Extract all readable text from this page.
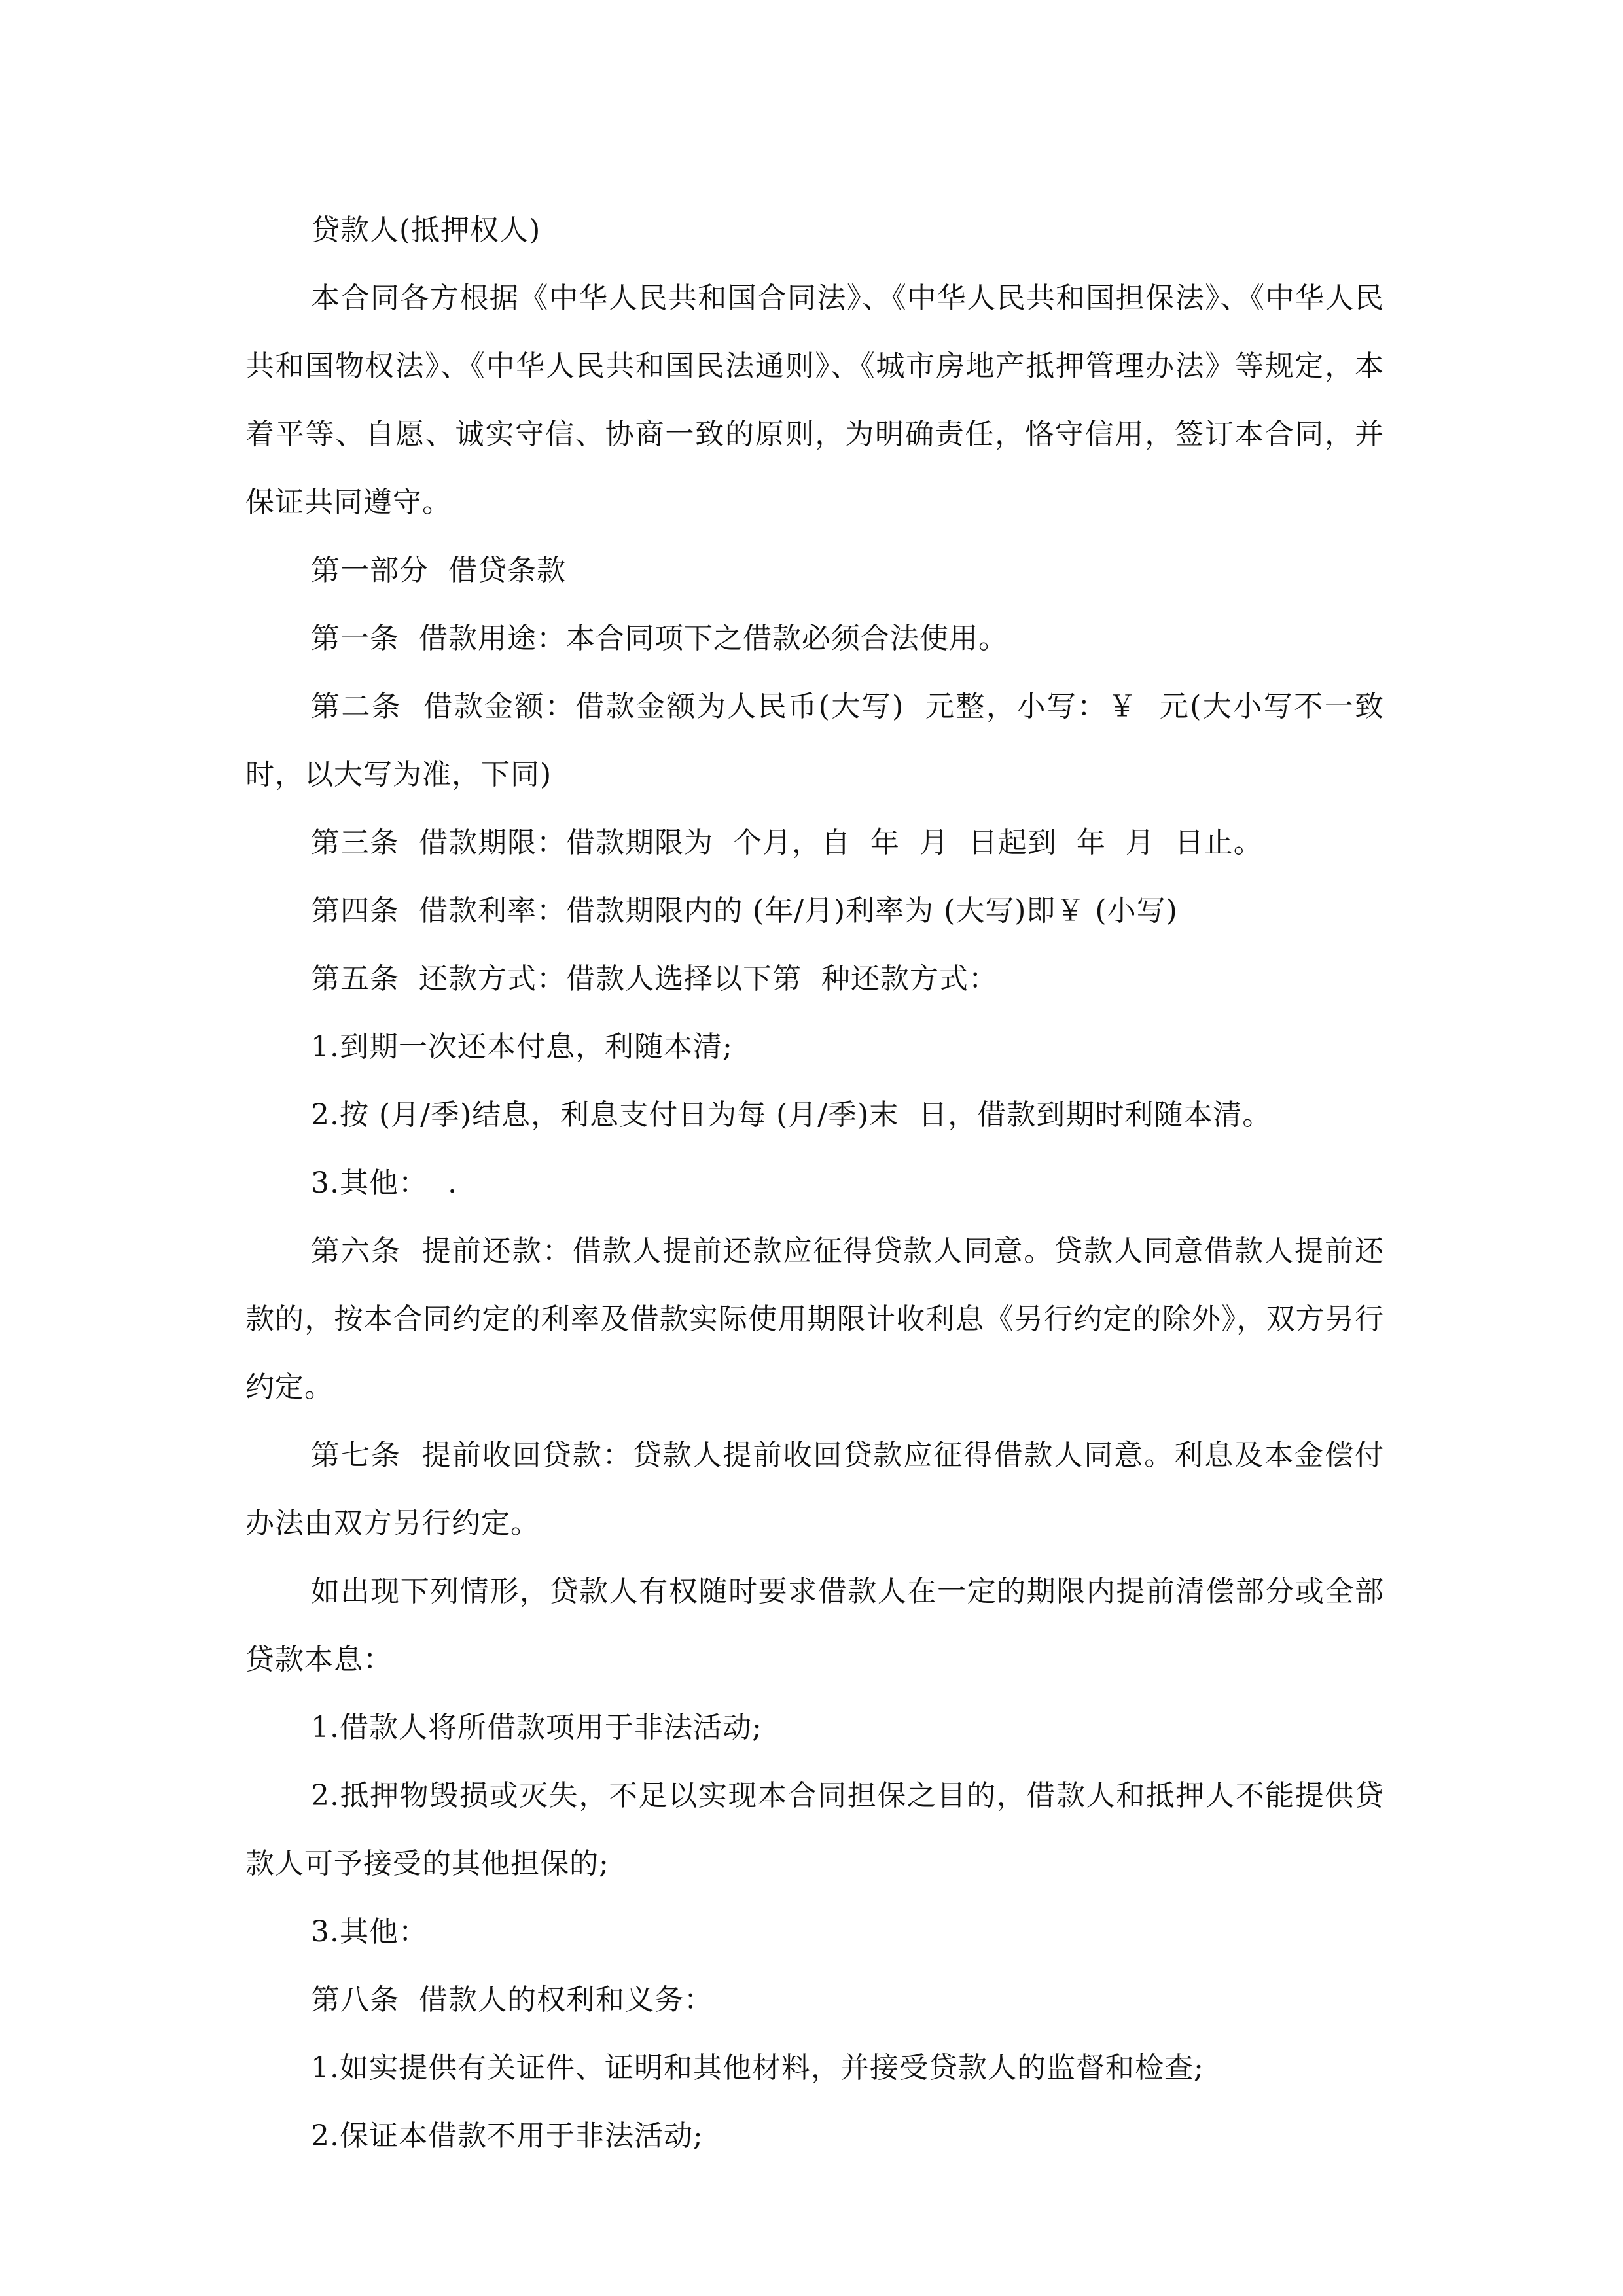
贷款人(抵押权人)

本合同各方根据《中华人民共和国合同法》、《中华人民共和国担保法》、《中华人民共和国物权法》、《中华人民共和国民法通则》、《城市房地产抵押管理办法》等规定，本着平等、自愿、诚实守信、协商一致的原则，为明确责任，恪守信用，签订本合同，并保证共同遵守。

第一部分  借贷条款

第一条  借款用途：本合同项下之借款必须合法使用。

第二条  借款金额：借款金额为人民币(大写)  元整，小写：￥  元(大小写不一致时，以大写为准，下同)

第三条  借款期限：借款期限为  个月，自  年  月  日起到  年  月  日止。

第四条  借款利率：借款期限内的 (年/月)利率为 (大写)即￥ (小写)

第五条  还款方式：借款人选择以下第  种还款方式：

1.到期一次还本付息，利随本清;

2.按 (月/季)结息，利息支付日为每 (月/季)末  日，借款到期时利随本清。

3.其他：  .

第六条  提前还款：借款人提前还款应征得贷款人同意。贷款人同意借款人提前还款的，按本合同约定的利率及借款实际使用期限计收利息《另行约定的除外》，双方另行约定。

第七条  提前收回贷款：贷款人提前收回贷款应征得借款人同意。利息及本金偿付办法由双方另行约定。

如出现下列情形，贷款人有权随时要求借款人在一定的期限内提前清偿部分或全部贷款本息：

1.借款人将所借款项用于非法活动;

2.抵押物毁损或灭失，不足以实现本合同担保之目的，借款人和抵押人不能提供贷款人可予接受的其他担保的;

3.其他：

第八条  借款人的权利和义务：

1.如实提供有关证件、证明和其他材料，并接受贷款人的监督和检查;

2.保证本借款不用于非法活动;
